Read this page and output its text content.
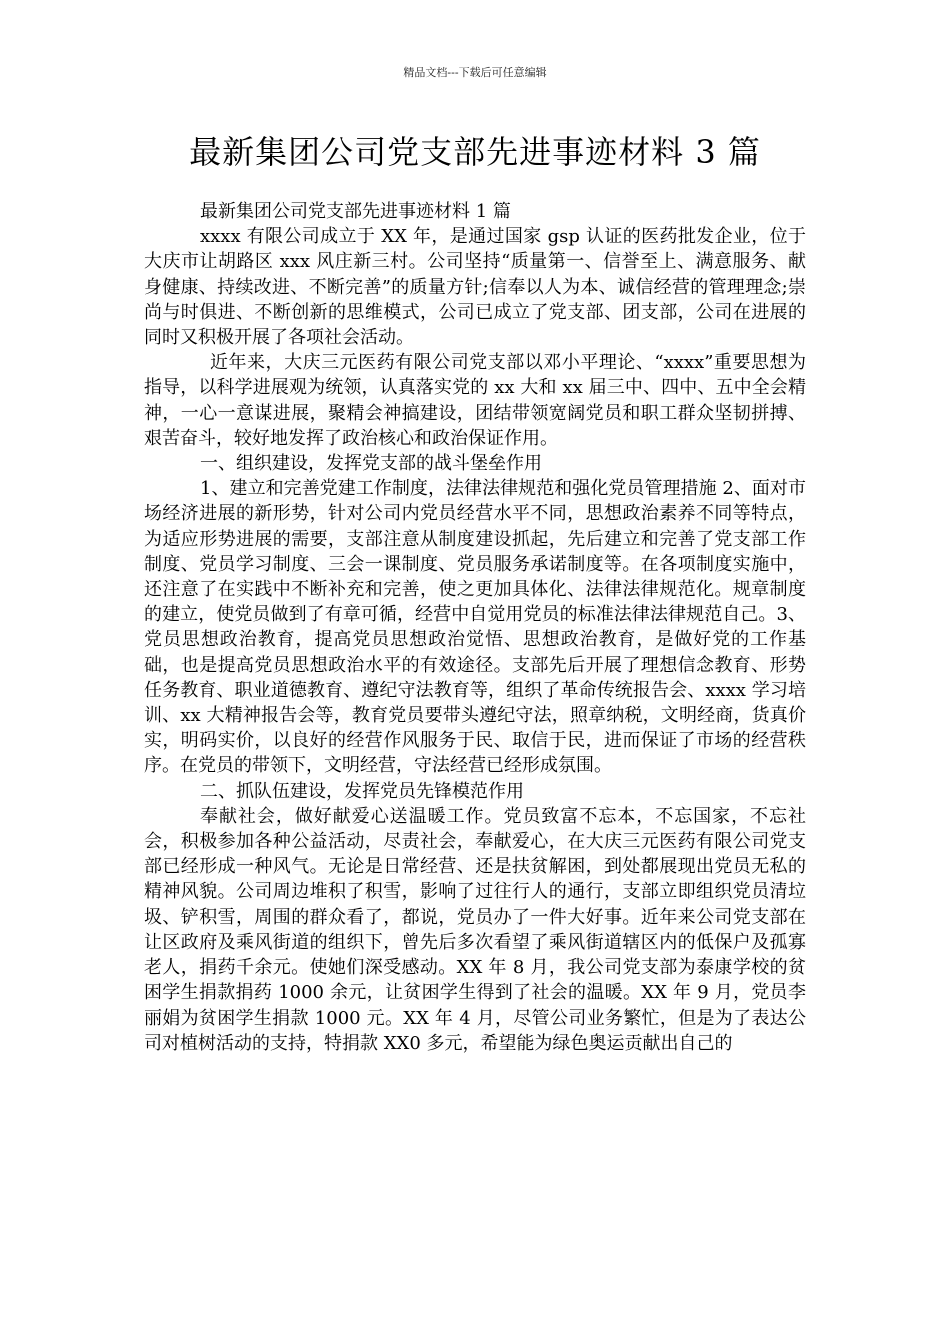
精品文档---下载后可任意编辑
最新集团公司党支部先进事迹材料 3 篇

最新集团公司党支部先进事迹材料 1 篇

xxxx 有限公司成立于 XX 年，是通过国家 gsp 认证的医药批发企业，位于大庆市让胡路区 xxx 风庄新三村。公司坚持“质量第一、信誉至上、满意服务、献身健康、持续改进、不断完善”的质量方针;信奉以人为本、诚信经营的管理理念;崇尚与时俱进、不断创新的思维模式，公司已成立了党支部、团支部，公司在进展的同时又积极开展了各项社会活动。

近年来，大庆三元医药有限公司党支部以邓小平理论、“xxxx”重要思想为指导，以科学进展观为统领，认真落实党的 xx 大和 xx 届三中、四中、五中全会精神，一心一意谋进展，聚精会神搞建设，团结带领宽阔党员和职工群众坚韧拼搏、艰苦奋斗，较好地发挥了政治核心和政治保证作用。

一、组织建设，发挥党支部的战斗堡垒作用

1、建立和完善党建工作制度，法律法律规范和强化党员管理措施 2、面对市场经济进展的新形势，针对公司内党员经营水平不同，思想政治素养不同等特点，为适应形势进展的需要，支部注意从制度建设抓起，先后建立和完善了党支部工作制度、党员学习制度、三会一课制度、党员服务承诺制度等。在各项制度实施中，还注意了在实践中不断补充和完善，使之更加具体化、法律法律规范化。规章制度的建立，使党员做到了有章可循，经营中自觉用党员的标准法律法律规范自己。3、党员思想政治教育，提高党员思想政治觉悟、思想政治教育，是做好党的工作基础，也是提高党员思想政治水平的有效途径。支部先后开展了理想信念教育、形势任务教育、职业道德教育、遵纪守法教育等，组织了革命传统报告会、xxxx 学习培训、xx 大精神报告会等，教育党员要带头遵纪守法，照章纳税，文明经商，货真价实，明码实价，以良好的经营作风服务于民、取信于民，进而保证了市场的经营秩序。在党员的带领下，文明经营，守法经营已经形成氛围。

二、抓队伍建设，发挥党员先锋模范作用

奉献社会，做好献爱心送温暖工作。党员致富不忘本，不忘国家，不忘社会，积极参加各种公益活动，尽责社会，奉献爱心，在大庆三元医药有限公司党支部已经形成一种风气。无论是日常经营、还是扶贫解困，到处都展现出党员无私的精神风貌。公司周边堆积了积雪，影响了过往行人的通行，支部立即组织党员清垃圾、铲积雪，周围的群众看了，都说，党员办了一件大好事。近年来公司党支部在让区政府及乘风街道的组织下，曾先后多次看望了乘风街道辖区内的低保户及孤寡老人，捐药千余元。使她们深受感动。XX 年 8 月，我公司党支部为泰康学校的贫困学生捐款捐药 1000 余元，让贫困学生得到了社会的温暖。XX 年 9 月，党员李丽娟为贫困学生捐款 1000 元。XX 年 4 月，尽管公司业务繁忙，但是为了表达公司对植树活动的支持，特捐款 XX0 多元，希望能为绿色奥运贡献出自己的
